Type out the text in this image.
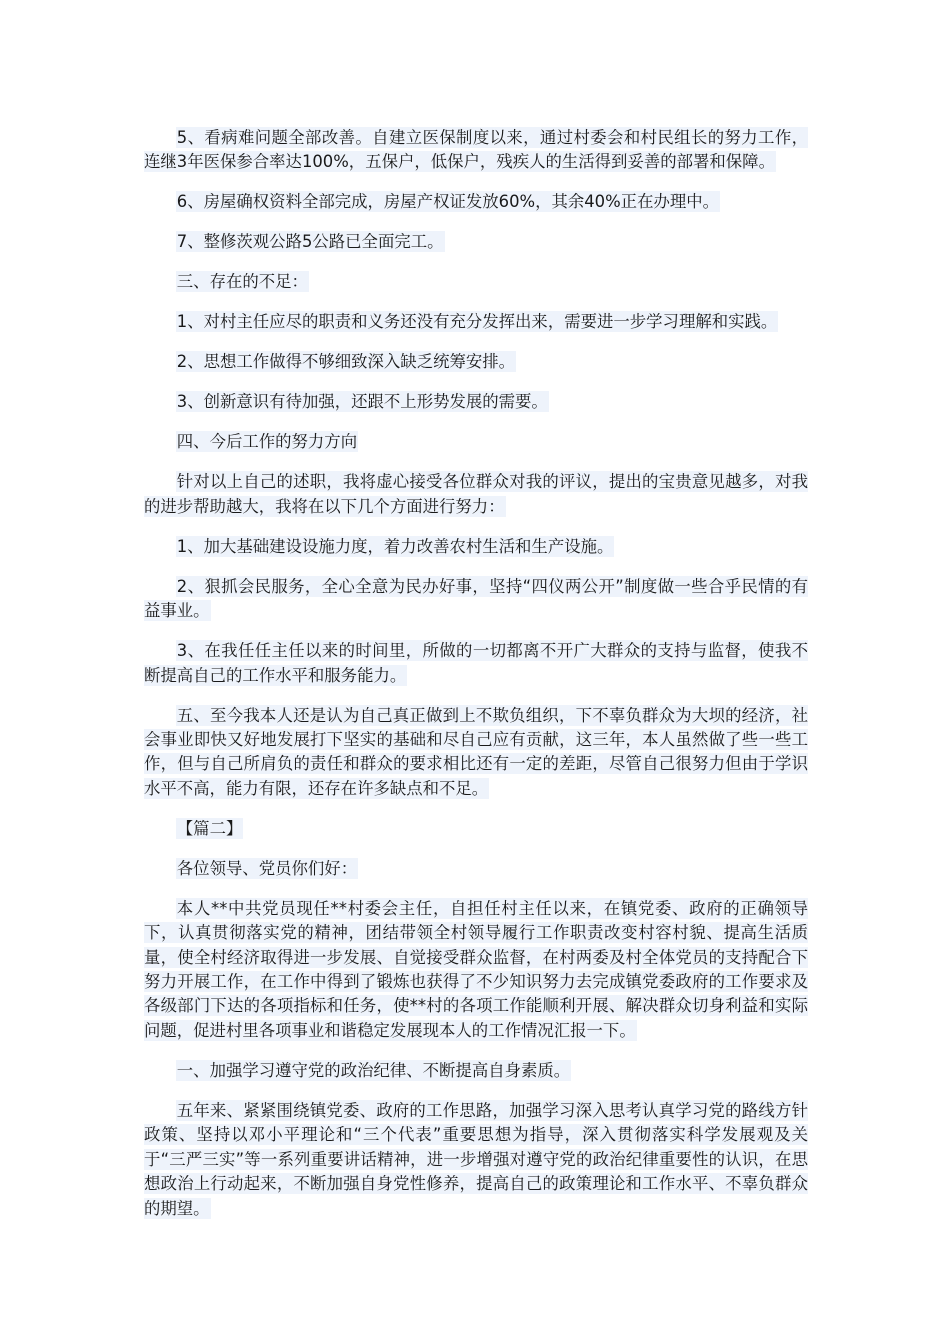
5、看病难问题全部改善。自建立医保制度以来，通过村委会和村民组长的努力工作，连继3年医保参合率达100%，五保户，低保户，残疾人的生活得到妥善的部署和保障。

6、房屋确权资料全部完成，房屋产权证发放60%，其余40%正在办理中。

7、整修茨观公路5公路已全面完工。

三、存在的不足：

1、对村主任应尽的职责和义务还没有充分发挥出来，需要进一步学习理解和实践。

2、思想工作做得不够细致深入缺乏统筹安排。

3、创新意识有待加强，还跟不上形势发展的需要。

四、今后工作的努力方向

针对以上自己的述职，我将虚心接受各位群众对我的评议，提出的宝贵意见越多，对我的进步帮助越大，我将在以下几个方面进行努力：

1、加大基础建设设施力度，着力改善农村生活和生产设施。

2、狠抓会民服务，全心全意为民办好事，坚持“四仪两公开”制度做一些合乎民情的有益事业。

3、在我任任主任以来的时间里，所做的一切都离不开广大群众的支持与监督，使我不断提高自己的工作水平和服务能力。

五、至今我本人还是认为自己真正做到上不欺负组织，下不辜负群众为大坝的经济，社会事业即快又好地发展打下坚实的基础和尽自己应有贡献，这三年，本人虽然做了些一些工作，但与自己所肩负的责任和群众的要求相比还有一定的差距，尽管自己很努力但由于学识水平不高，能力有限，还存在许多缺点和不足。

【篇二】

各位领导、党员你们好：

本人**中共党员现任**村委会主任，自担任村主任以来，在镇党委、政府的正确领导下，认真贯彻落实党的精神，团结带领全村领导履行工作职责改变村容村貌、提高生活质量，使全村经济取得进一步发展、自觉接受群众监督，在村两委及村全体党员的支持配合下努力开展工作，在工作中得到了锻炼也获得了不少知识努力去完成镇党委政府的工作要求及各级部门下达的各项指标和任务，使**村的各项工作能顺利开展、解决群众切身利益和实际问题，促进村里各项事业和谐稳定发展现本人的工作情况汇报一下。

一、加强学习遵守党的政治纪律、不断提高自身素质。

五年来、紧紧围绕镇党委、政府的工作思路，加强学习深入思考认真学习党的路线方针政策、坚持以邓小平理论和“三个代表”重要思想为指导，深入贯彻落实科学发展观及关于“三严三实”等一系列重要讲话精神，进一步增强对遵守党的政治纪律重要性的认识，在思想政治上行动起来，不断加强自身党性修养，提高自己的政策理论和工作水平、不辜负群众的期望。
